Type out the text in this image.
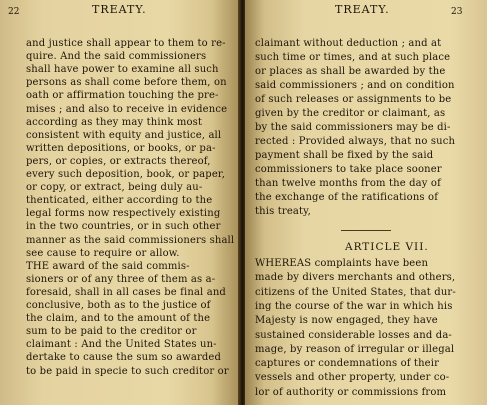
22	TREATY.
and justice shall appear to them to re-
quire. And the said commissioners
shall have power to examine all such
persons as shall come before them, on
oath or affirmation touching the pre-
mises ; and also to receive in evidence
according as they may think most
consistent with equity and justice, all
written depositions, or books, or pa-
pers, or copies, or extracts thereof,
every such deposition, book, or paper,
or copy, or extract, being duly au-
thenticated, either according to the
legal forms now respectively existing
in the two countries, or in such other
manner as the said commissioners shall
see cause to require or allow.
THE award of the said commis-
sioners or of any three of them as a-
foresaid, shall in all cases be final and
conclusive, both as to the justice of
the claim, and to the amount of the
sum to be paid to the creditor or
claimant : And the United States un-
dertake to cause the sum so awarded
to be paid in specie to such creditor or
TREATY.	23
claimant without deduction ; and at
such time or times, and at such place
or places as shall be awarded by the
said commissioners ; and on condition
of such releases or assignments to be
given by the creditor or claimant, as
by the said commissioners may be di-
rected : Provided always, that no such
payment shall be fixed by the said
commissioners to take place sooner
than twelve months from the day of
the exchange of the ratifications of
this treaty,
ARTICLE VII.
WHEREAS complaints have been
made by divers merchants and others,
citizens of the United States, that dur-
ing the course of the war in which his
Majesty is now engaged, they have
sustained considerable losses and da-
mage, by reason of irregular or illegal
captures or condemnations of their
vessels and other property, under co-
lor of authority or commissions from
